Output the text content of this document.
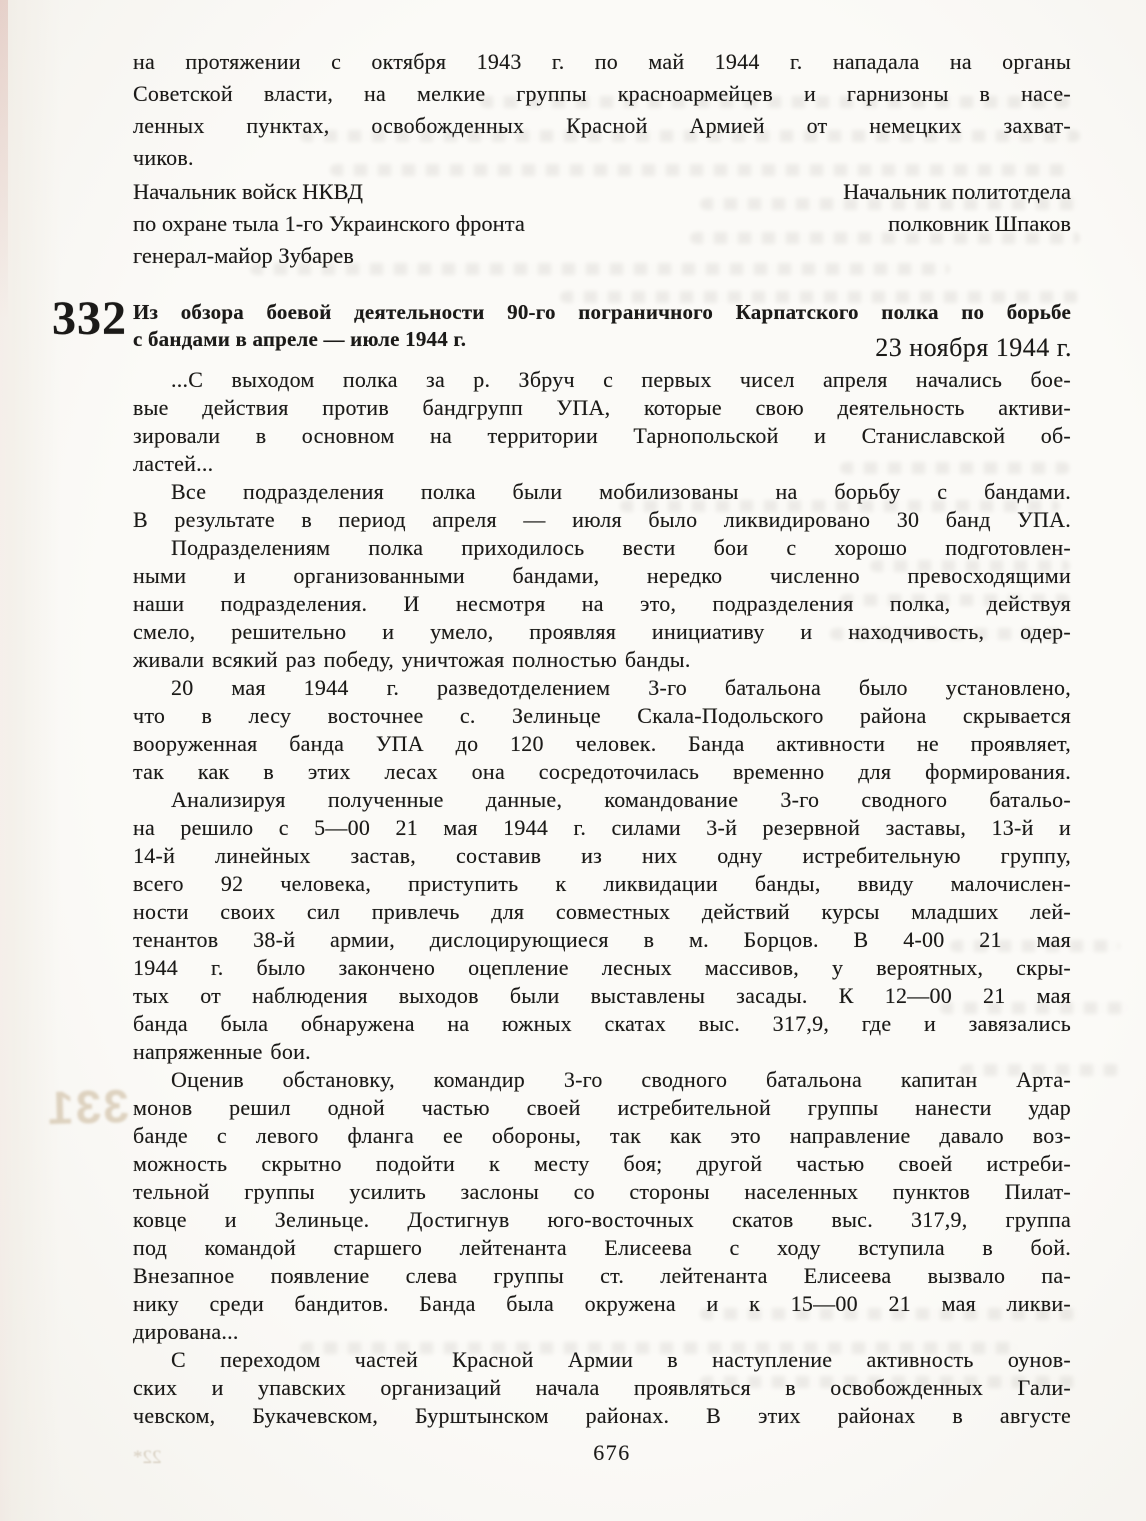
331
22*
на протяжении с октября 1943 г. по май 1944 г. нападала на органы
Советской власти, на мелкие группы красноармейцев и гарнизоны в насе-
ленных пунктах, освобожденных Красной Армией от немецких захват-
чиков.
Начальник войск НКВД	Начальник политотдела
по охране тыла 1-го Украинского фронта	полковник Шпаков
генерал-майор Зубарев
332 Из обзора боевой деятельности 90-го пограничного Карпатского полка по борьбе
с бандами в апреле — июле 1944 г.	23 ноября 1944 г.
...С выходом полка за р. Збруч с первых чисел апреля начались бое-
вые действия против бандгрупп УПА, которые свою деятельность активи-
зировали в основном на территории Тарнопольской и Станиславской об-
ластей...
Все подразделения полка были мобилизованы на борьбу с бандами.
В результате в период апреля — июля было ликвидировано 30 банд УПА.
Подразделениям полка приходилось вести бои с хорошо подготовлен-
ными и организованными бандами, нередко численно превосходящими
наши подразделения. И несмотря на это, подразделения полка, действуя
смело, решительно и умело, проявляя инициативу и находчивость, одер-
живали всякий раз победу, уничтожая полностью банды.
20 мая 1944 г. разведотделением 3-го батальона было установлено,
что в лесу восточнее с. Зелиньце Скала-Подольского района скрывается
вооруженная банда УПА до 120 человек. Банда активности не проявляет,
так как в этих лесах она сосредоточилась временно для формирования.
Анализируя полученные данные, командование 3-го сводного батальо-
на решило с 5—00 21 мая 1944 г. силами 3-й резервной заставы, 13-й и
14-й линейных застав, составив из них одну истребительную группу,
всего 92 человека, приступить к ликвидации банды, ввиду малочислен-
ности своих сил привлечь для совместных действий курсы младших лей-
тенантов 38-й армии, дислоцирующиеся в м. Борцов. В 4-00 21 мая
1944 г. было закончено оцепление лесных массивов, у вероятных, скры-
тых от наблюдения выходов были выставлены засады. К 12—00 21 мая
банда была обнаружена на южных скатах выс. 317,9, где и завязались
напряженные бои.
Оценив обстановку, командир 3-го сводного батальона капитан Арта-
монов решил одной частью своей истребительной группы нанести удар
банде с левого фланга ее обороны, так как это направление давало воз-
можность скрытно подойти к месту боя; другой частью своей истреби-
тельной группы усилить заслоны со стороны населенных пунктов Пилат-
ковце и Зелиньце. Достигнув юго-восточных скатов выс. 317,9, группа
под командой старшего лейтенанта Елисеева с ходу вступила в бой.
Внезапное появление слева группы ст. лейтенанта Елисеева вызвало па-
нику среди бандитов. Банда была окружена и к 15—00 21 мая ликви-
дирована...
С переходом частей Красной Армии в наступление активность оунов-
ских и упавских организаций начала проявляться в освобожденных Гали-
чевском, Букачевском, Бурштынском районах. В этих районах в августе
676
